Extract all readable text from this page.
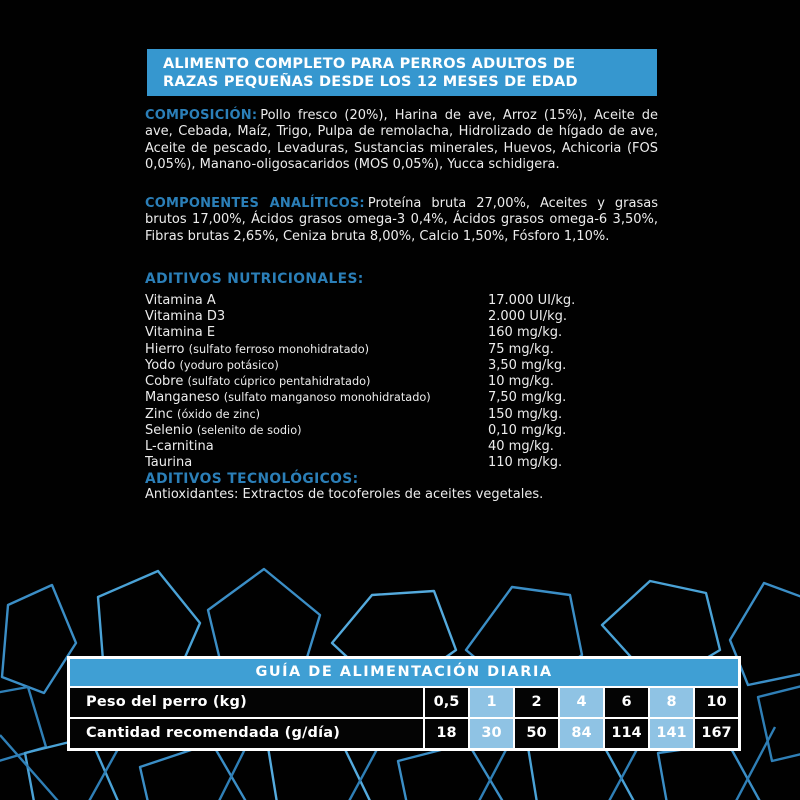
ALIMENTO COMPLETO PARA PERROS ADULTOS DE
RAZAS PEQUEÑAS DESDE LOS 12 MESES DE EDAD

COMPOSICIÓN: Pollo fresco (20%), Harina de ave, Arroz (15%), Aceite de ave, Cebada, Maíz, Trigo, Pulpa de remolacha, Hidrolizado de hígado de ave, Aceite de pescado, Levaduras, Sustancias minerales, Huevos, Achicoria (FOS 0,05%), Manano-oligosacaridos (MOS 0,05%), Yucca schidigera.

COMPONENTES ANALÍTICOS: Proteína bruta 27,00%, Aceites y grasas brutos 17,00%, Ácidos grasos omega-3 0,4%, Ácidos grasos omega-6 3,50%, Fibras brutas 2,65%, Ceniza bruta 8,00%, Calcio 1,50%, Fósforo 1,10%.

ADITIVOS NUTRICIONALES:
Vitamina A	17.000 UI/kg.
Vitamina D3	2.000 UI/kg.
Vitamina E	160 mg/kg.
Hierro (sulfato ferroso monohidratado)	75 mg/kg.
Yodo (yoduro potásico)	3,50 mg/kg.
Cobre (sulfato cúprico pentahidratado)	10 mg/kg.
Manganeso (sulfato manganoso monohidratado)	7,50 mg/kg.
Zinc (óxido de zinc)	150 mg/kg.
Selenio (selenito de sodio)	0,10 mg/kg.
L-carnitina	40 mg/kg.
Taurina	110 mg/kg.
ADITIVOS TECNOLÓGICOS:

Antioxidantes: Extractos de tocoferoles de aceites vegetales.

GUÍA DE ALIMENTACIÓN DIARIA
Peso del perro (kg)	0,5	1	2	4	6	8	10
Cantidad recomendada (g/día)	18	30	50	84	114	141	167
